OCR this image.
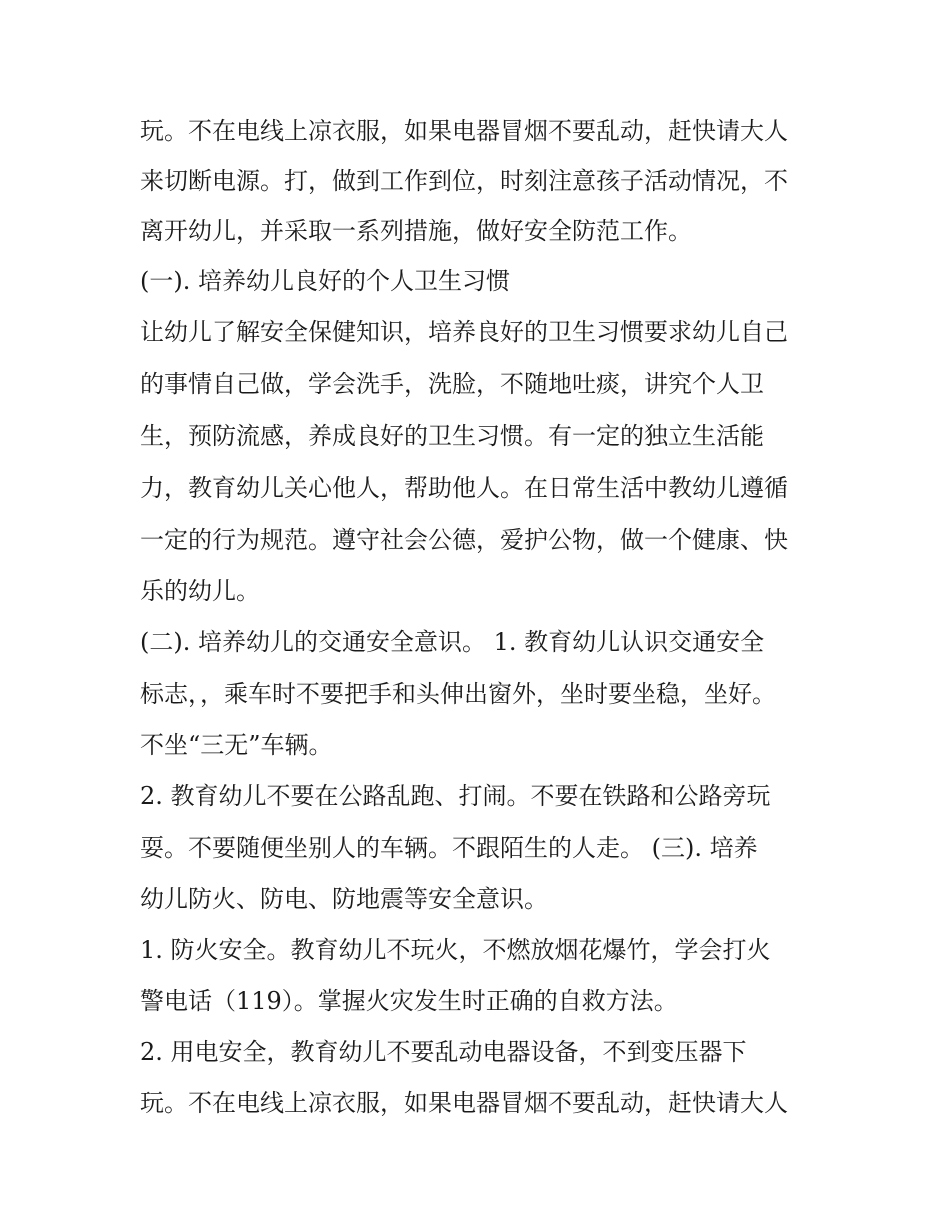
玩。不在电线上凉衣服，如果电器冒烟不要乱动，赶快请大人
来切断电源。打，做到工作到位，时刻注意孩子活动情况，不
离开幼儿，并采取一系列措施，做好安全防范工作。
(一). 培养幼儿良好的个人卫生习惯
让幼儿了解安全保健知识，培养良好的卫生习惯要求幼儿自己
的事情自己做，学会洗手，洗脸，不随地吐痰，讲究个人卫
生，预防流感，养成良好的卫生习惯。有一定的独立生活能
力，教育幼儿关心他人，帮助他人。在日常生活中教幼儿遵循
一定的行为规范。遵守社会公德，爱护公物，做一个健康、快
乐的幼儿。
(二). 培养幼儿的交通安全意识。 1. 教育幼儿认识交通安全
标志，，乘车时不要把手和头伸出窗外，坐时要坐稳，坐好。
不坐“三无”车辆。
2. 教育幼儿不要在公路乱跑、打闹。不要在铁路和公路旁玩
耍。不要随便坐别人的车辆。不跟陌生的人走。 (三). 培养
幼儿防火、防电、防地震等安全意识。
1. 防火安全。教育幼儿不玩火，不燃放烟花爆竹，学会打火
警电话（119）。掌握火灾发生时正确的自救方法。
2. 用电安全，教育幼儿不要乱动电器设备，不到变压器下
玩。不在电线上凉衣服，如果电器冒烟不要乱动，赶快请大人
